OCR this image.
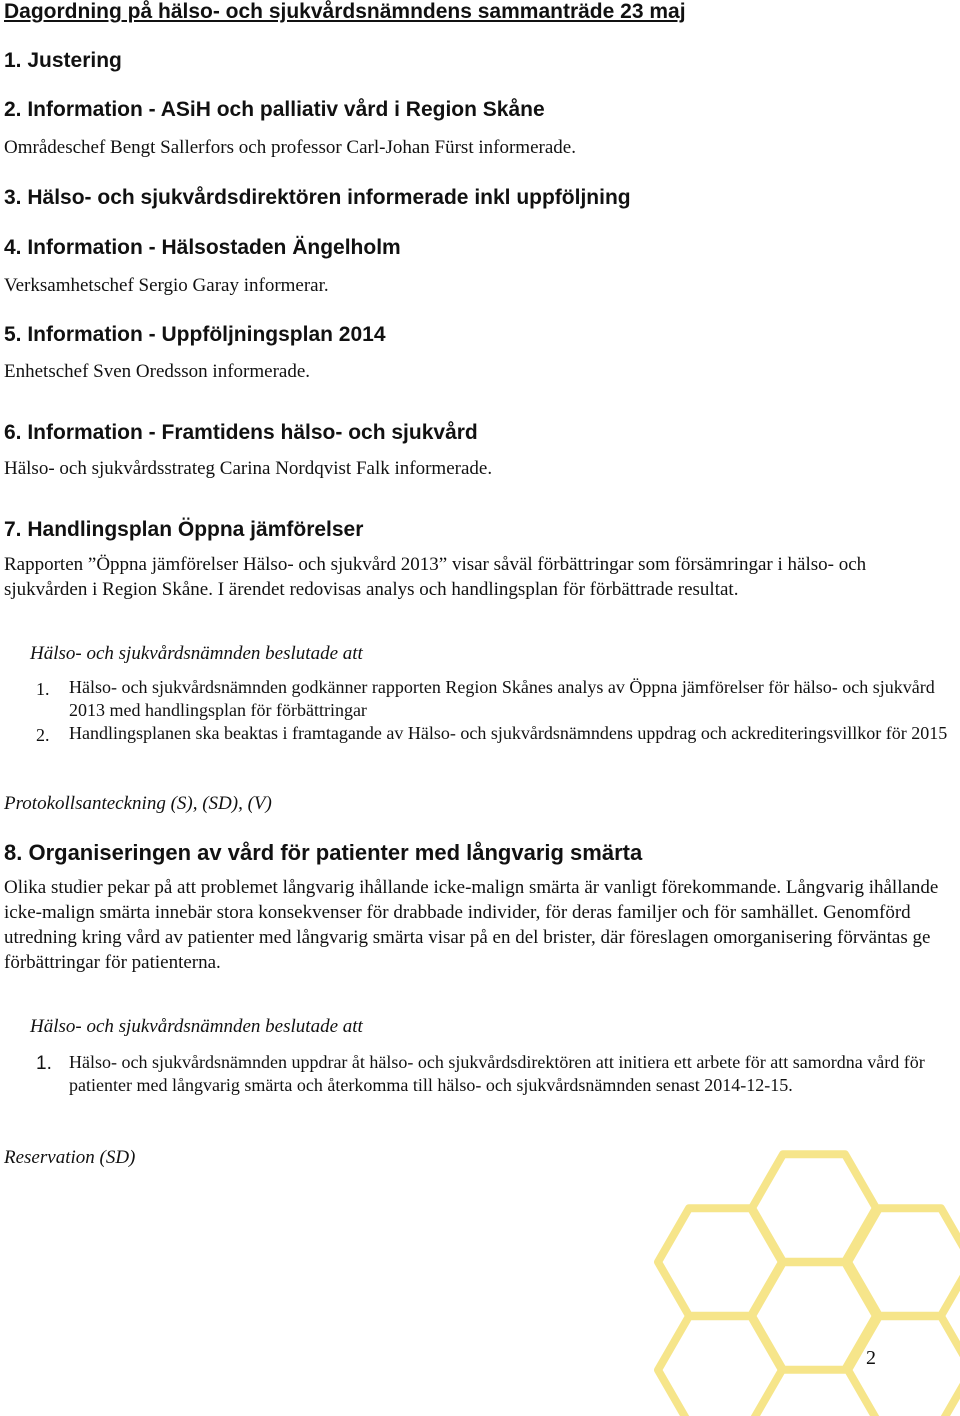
Dagordning på hälso- och sjukvårdsnämndens sammanträde 23 maj
1. Justering
2. Information - ASiH och palliativ vård i Region Skåne

Områdeschef Bengt Sallerfors och professor Carl-Johan Fürst informerade.

3. Hälso- och sjukvårdsdirektören informerade inkl uppföljning
4. Information - Hälsostaden Ängelholm

Verksamhetschef Sergio Garay informerar.

5. Information - Uppföljningsplan 2014

Enhetschef Sven Oredsson informerade.

6. Information - Framtidens hälso- och sjukvård

Hälso- och sjukvårdsstrateg Carina Nordqvist Falk informerade.

7. Handlingsplan Öppna jämförelser

Rapporten ”Öppna jämförelser Hälso- och sjukvård 2013” visar såväl förbättringar som försämringar i hälso- och sjukvården i Region Skåne. I ärendet redovisas analys och handlingsplan för förbättrade resultat.

Hälso- och sjukvårdsnämnden beslutade att

1. Hälso- och sjukvårdsnämnden godkänner rapporten Region Skånes analys av Öppna jämförelser för hälso- och sjukvård 2013 med handlingsplan för förbättringar

2. Handlingsplanen ska beaktas i framtagande av Hälso- och sjukvårdsnämndens uppdrag och ackrediteringsvillkor för 2015

Protokollsanteckning (S), (SD), (V)

8. Organiseringen av vård för patienter med långvarig smärta

Olika studier pekar på att problemet långvarig ihållande icke-malign smärta är vanligt förekommande. Långvarig ihållande icke-malign smärta innebär stora konsekvenser för drabbade individer, för deras familjer och för samhället. Genomförd utredning kring vård av patienter med långvarig smärta visar på en del brister, där föreslagen omorganisering förväntas ge förbättringar för patienterna.

Hälso- och sjukvårdsnämnden beslutade att

1. Hälso- och sjukvårdsnämnden uppdrar åt hälso- och sjukvårdsdirektören att initiera ett arbete för att samordna vård för patienter med långvarig smärta och återkomma till hälso- och sjukvårdsnämnden senast 2014-12-15.

Reservation (SD)

2
